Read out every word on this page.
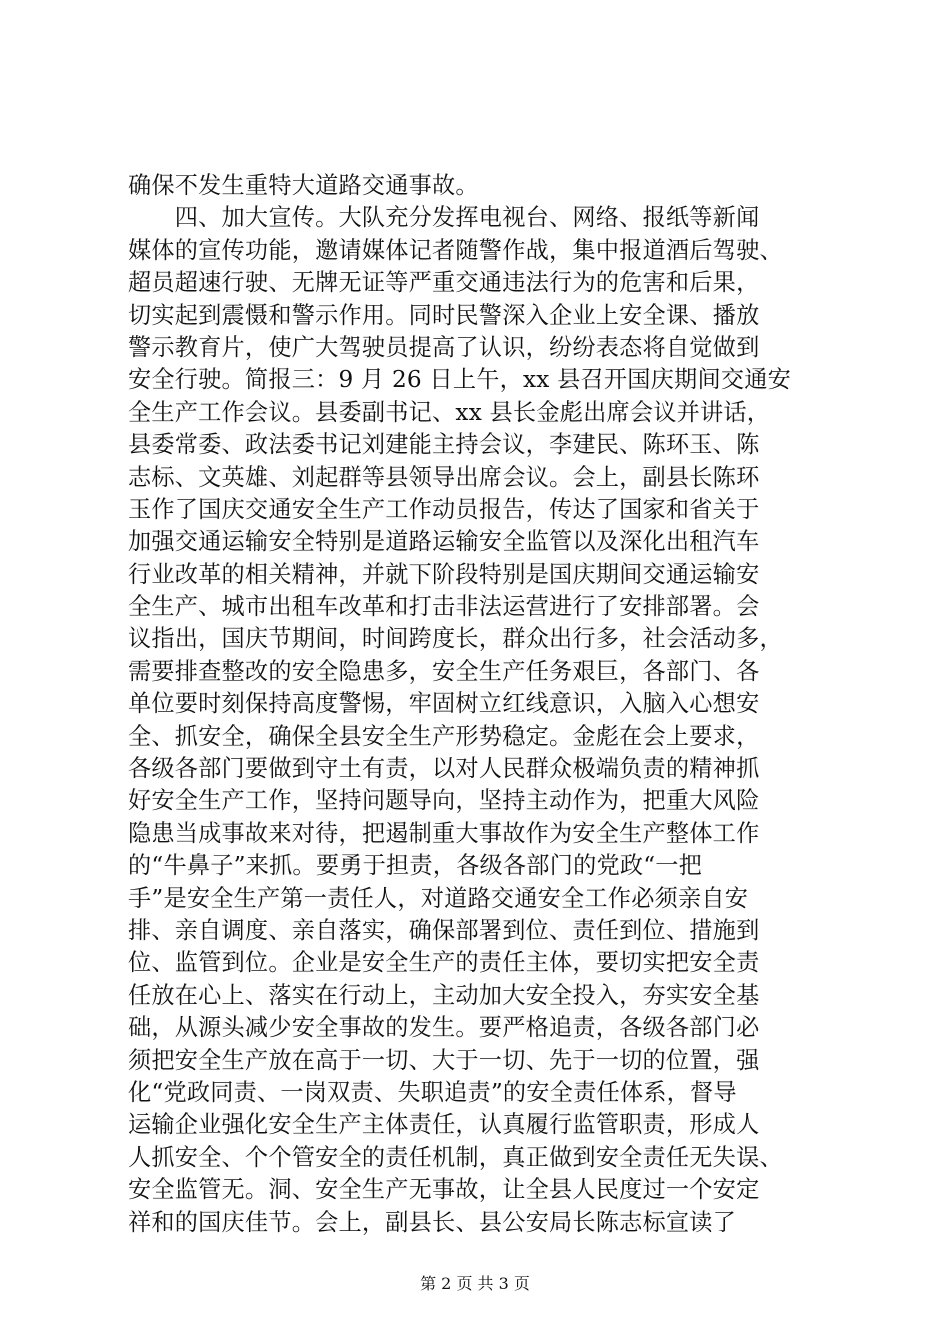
确保不发生重特大道路交通事故。
　　四、加大宣传。大队充分发挥电视台、网络、报纸等新闻
媒体的宣传功能，邀请媒体记者随警作战，集中报道酒后驾驶、
超员超速行驶、无牌无证等严重交通违法行为的危害和后果，
切实起到震慑和警示作用。同时民警深入企业上安全课、播放
警示教育片，使广大驾驶员提高了认识，纷纷表态将自觉做到
安全行驶。简报三：9 月 26 日上午，xx 县召开国庆期间交通安
全生产工作会议。县委副书记、xx 县长金彪出席会议并讲话，
县委常委、政法委书记刘建能主持会议，李建民、陈环玉、陈
志标、文英雄、刘起群等县领导出席会议。会上，副县长陈环
玉作了国庆交通安全生产工作动员报告，传达了国家和省关于
加强交通运输安全特别是道路运输安全监管以及深化出租汽车
行业改革的相关精神，并就下阶段特别是国庆期间交通运输安
全生产、城市出租车改革和打击非法运营进行了安排部署。会
议指出，国庆节期间，时间跨度长，群众出行多，社会活动多，
需要排查整改的安全隐患多，安全生产任务艰巨，各部门、各
单位要时刻保持高度警惕，牢固树立红线意识，入脑入心想安
全、抓安全，确保全县安全生产形势稳定。金彪在会上要求，
各级各部门要做到守土有责，以对人民群众极端负责的精神抓
好安全生产工作，坚持问题导向，坚持主动作为，把重大风险
隐患当成事故来对待，把遏制重大事故作为安全生产整体工作
的“牛鼻子”来抓。要勇于担责，各级各部门的党政“一把
手”是安全生产第一责任人，对道路交通安全工作必须亲自安
排、亲自调度、亲自落实，确保部署到位、责任到位、措施到
位、监管到位。企业是安全生产的责任主体，要切实把安全责
任放在心上、落实在行动上，主动加大安全投入，夯实安全基
础，从源头减少安全事故的发生。要严格追责，各级各部门必
须把安全生产放在高于一切、大于一切、先于一切的位置，强
化“党政同责、一岗双责、失职追责”的安全责任体系，督导
运输企业强化安全生产主体责任，认真履行监管职责，形成人
人抓安全、个个管安全的责任机制，真正做到安全责任无失误、
安全监管无。洞、安全生产无事故，让全县人民度过一个安定
祥和的国庆佳节。会上，副县长、县公安局长陈志标宣读了
第 2 页 共 3 页
